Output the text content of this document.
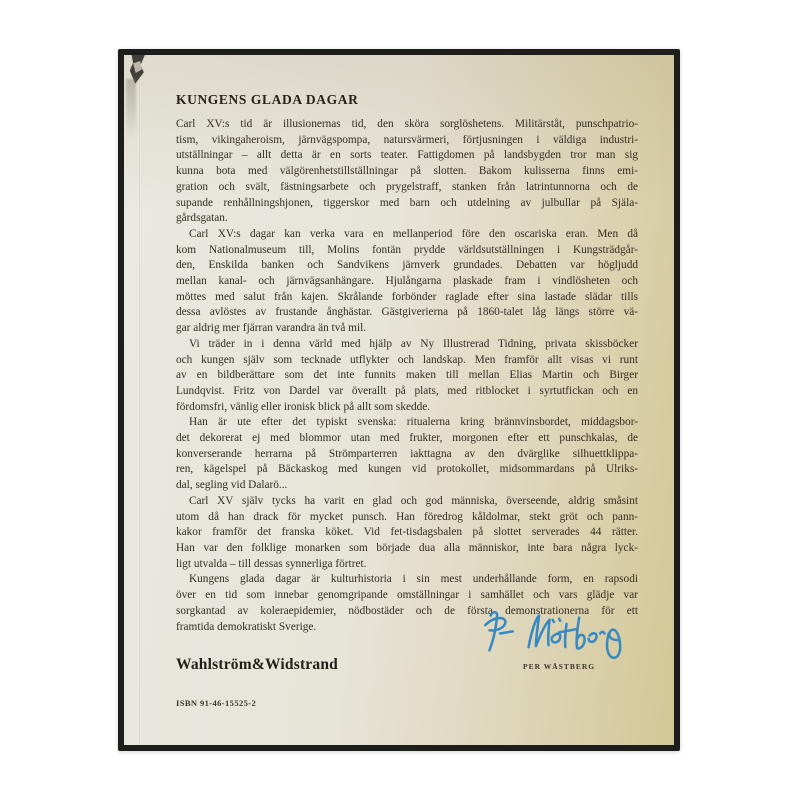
KUNGENS GLADA DAGAR
Carl XV:s tid är illusionernas tid, den sköra sorglöshetens. Militärståt, punschpatrio-
tism, vikingaheroism, järnvägspompa, natursvärmeri, förtjusningen i väldiga industri-
utställningar – allt detta är en sorts teater. Fattigdomen på landsbygden tror man sig
kunna bota med välgörenhetstillställningar på slotten. Bakom kulisserna finns emi-
gration och svält, fästningsarbete och prygelstraff, stanken från latrintunnorna och de
supande renhållningshjonen, tiggerskor med barn och utdelning av julbullar på Själa-
gårdsgatan.
Carl XV:s dagar kan verka vara en mellanperiod före den oscariska eran. Men då
kom Nationalmuseum till, Molins fontän prydde världsutställningen i Kungsträdgår-
den, Enskilda banken och Sandvikens järnverk grundades. Debatten var högljudd
mellan kanal- och järnvägsanhängare. Hjulångarna plaskade fram i vindlösheten och
möttes med salut från kajen. Skrålande forbönder raglade efter sina lastade slädar tills
dessa avlöstes av frustande ånghästar. Gästgiverierna på 1860-talet låg längs större vä-
gar aldrig mer fjärran varandra än två mil.
Vi träder in i denna värld med hjälp av Ny Illustrerad Tidning, privata skissböcker
och kungen själv som tecknade utflykter och landskap. Men framför allt visas vi runt
av en bildberättare som det inte funnits maken till mellan Elias Martin och Birger
Lundqvist. Fritz von Dardel var överallt på plats, med ritblocket i syrtutfickan och en
fördomsfri, vänlig eller ironisk blick på allt som skedde.
Han är ute efter det typiskt svenska: ritualerna kring brännvinsbordet, middagsbor-
det dekorerat ej med blommor utan med frukter, morgonen efter ett punschkalas, de
konverserande herrarna på Strömparterren iakttagna av den dvärglike silhuettklippa-
ren, kägelspel på Bäckaskog med kungen vid protokollet, midsommardans på Ulriks-
dal, segling vid Dalarö...
Carl XV själv tycks ha varit en glad och god människa, överseende, aldrig småsint
utom då han drack för mycket punsch. Han föredrog kåldolmar, stekt gröt och pann-
kakor framför det franska köket. Vid fet-tisdagsbalen på slottet serverades 44 rätter.
Han var den folklige monarken som började dua alla människor, inte bara några lyck-
ligt utvalda – till dessas synnerliga förtret.
Kungens glada dagar är kulturhistoria i sin mest underhållande form, en rapsodi
över en tid som innebar genomgripande omställningar i samhället och vars glädje var
sorgkantad av koleraepidemier, nödbostäder och de första demonstrationerna för ett
framtida demokratiskt Sverige.
Wahlström&Widstrand	PER WÄSTBERG
ISBN 91-46-15525-2
